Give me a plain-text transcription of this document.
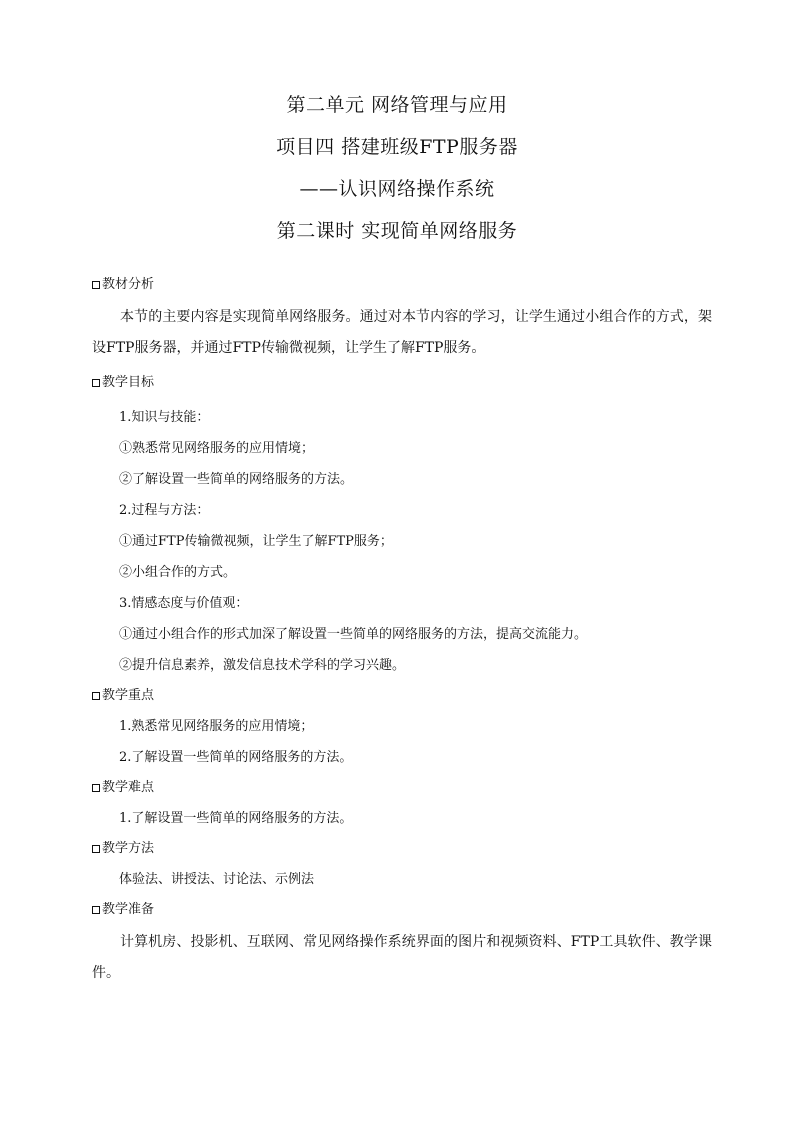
第二单元 网络管理与应用
项目四 搭建班级FTP服务器
——认识网络操作系统
第二课时 实现简单网络服务
教材分析
本节的主要内容是实现简单网络服务。通过对本节内容的学习，让学生通过小组合作的方式，架设FTP服务器，并通过FTP传输微视频，让学生了解FTP服务。
教学目标
1.知识与技能：
①熟悉常见网络服务的应用情境；
②了解设置一些简单的网络服务的方法。
2.过程与方法：
①通过FTP传输微视频，让学生了解FTP服务；
②小组合作的方式。
3.情感态度与价值观：
①通过小组合作的形式加深了解设置一些简单的网络服务的方法，提高交流能力。
②提升信息素养，激发信息技术学科的学习兴趣。
教学重点
1.熟悉常见网络服务的应用情境；
2.了解设置一些简单的网络服务的方法。
教学难点
1.了解设置一些简单的网络服务的方法。
教学方法
体验法、讲授法、讨论法、示例法
教学准备
计算机房、投影机、互联网、常见网络操作系统界面的图片和视频资料、FTP工具软件、教学课件。
